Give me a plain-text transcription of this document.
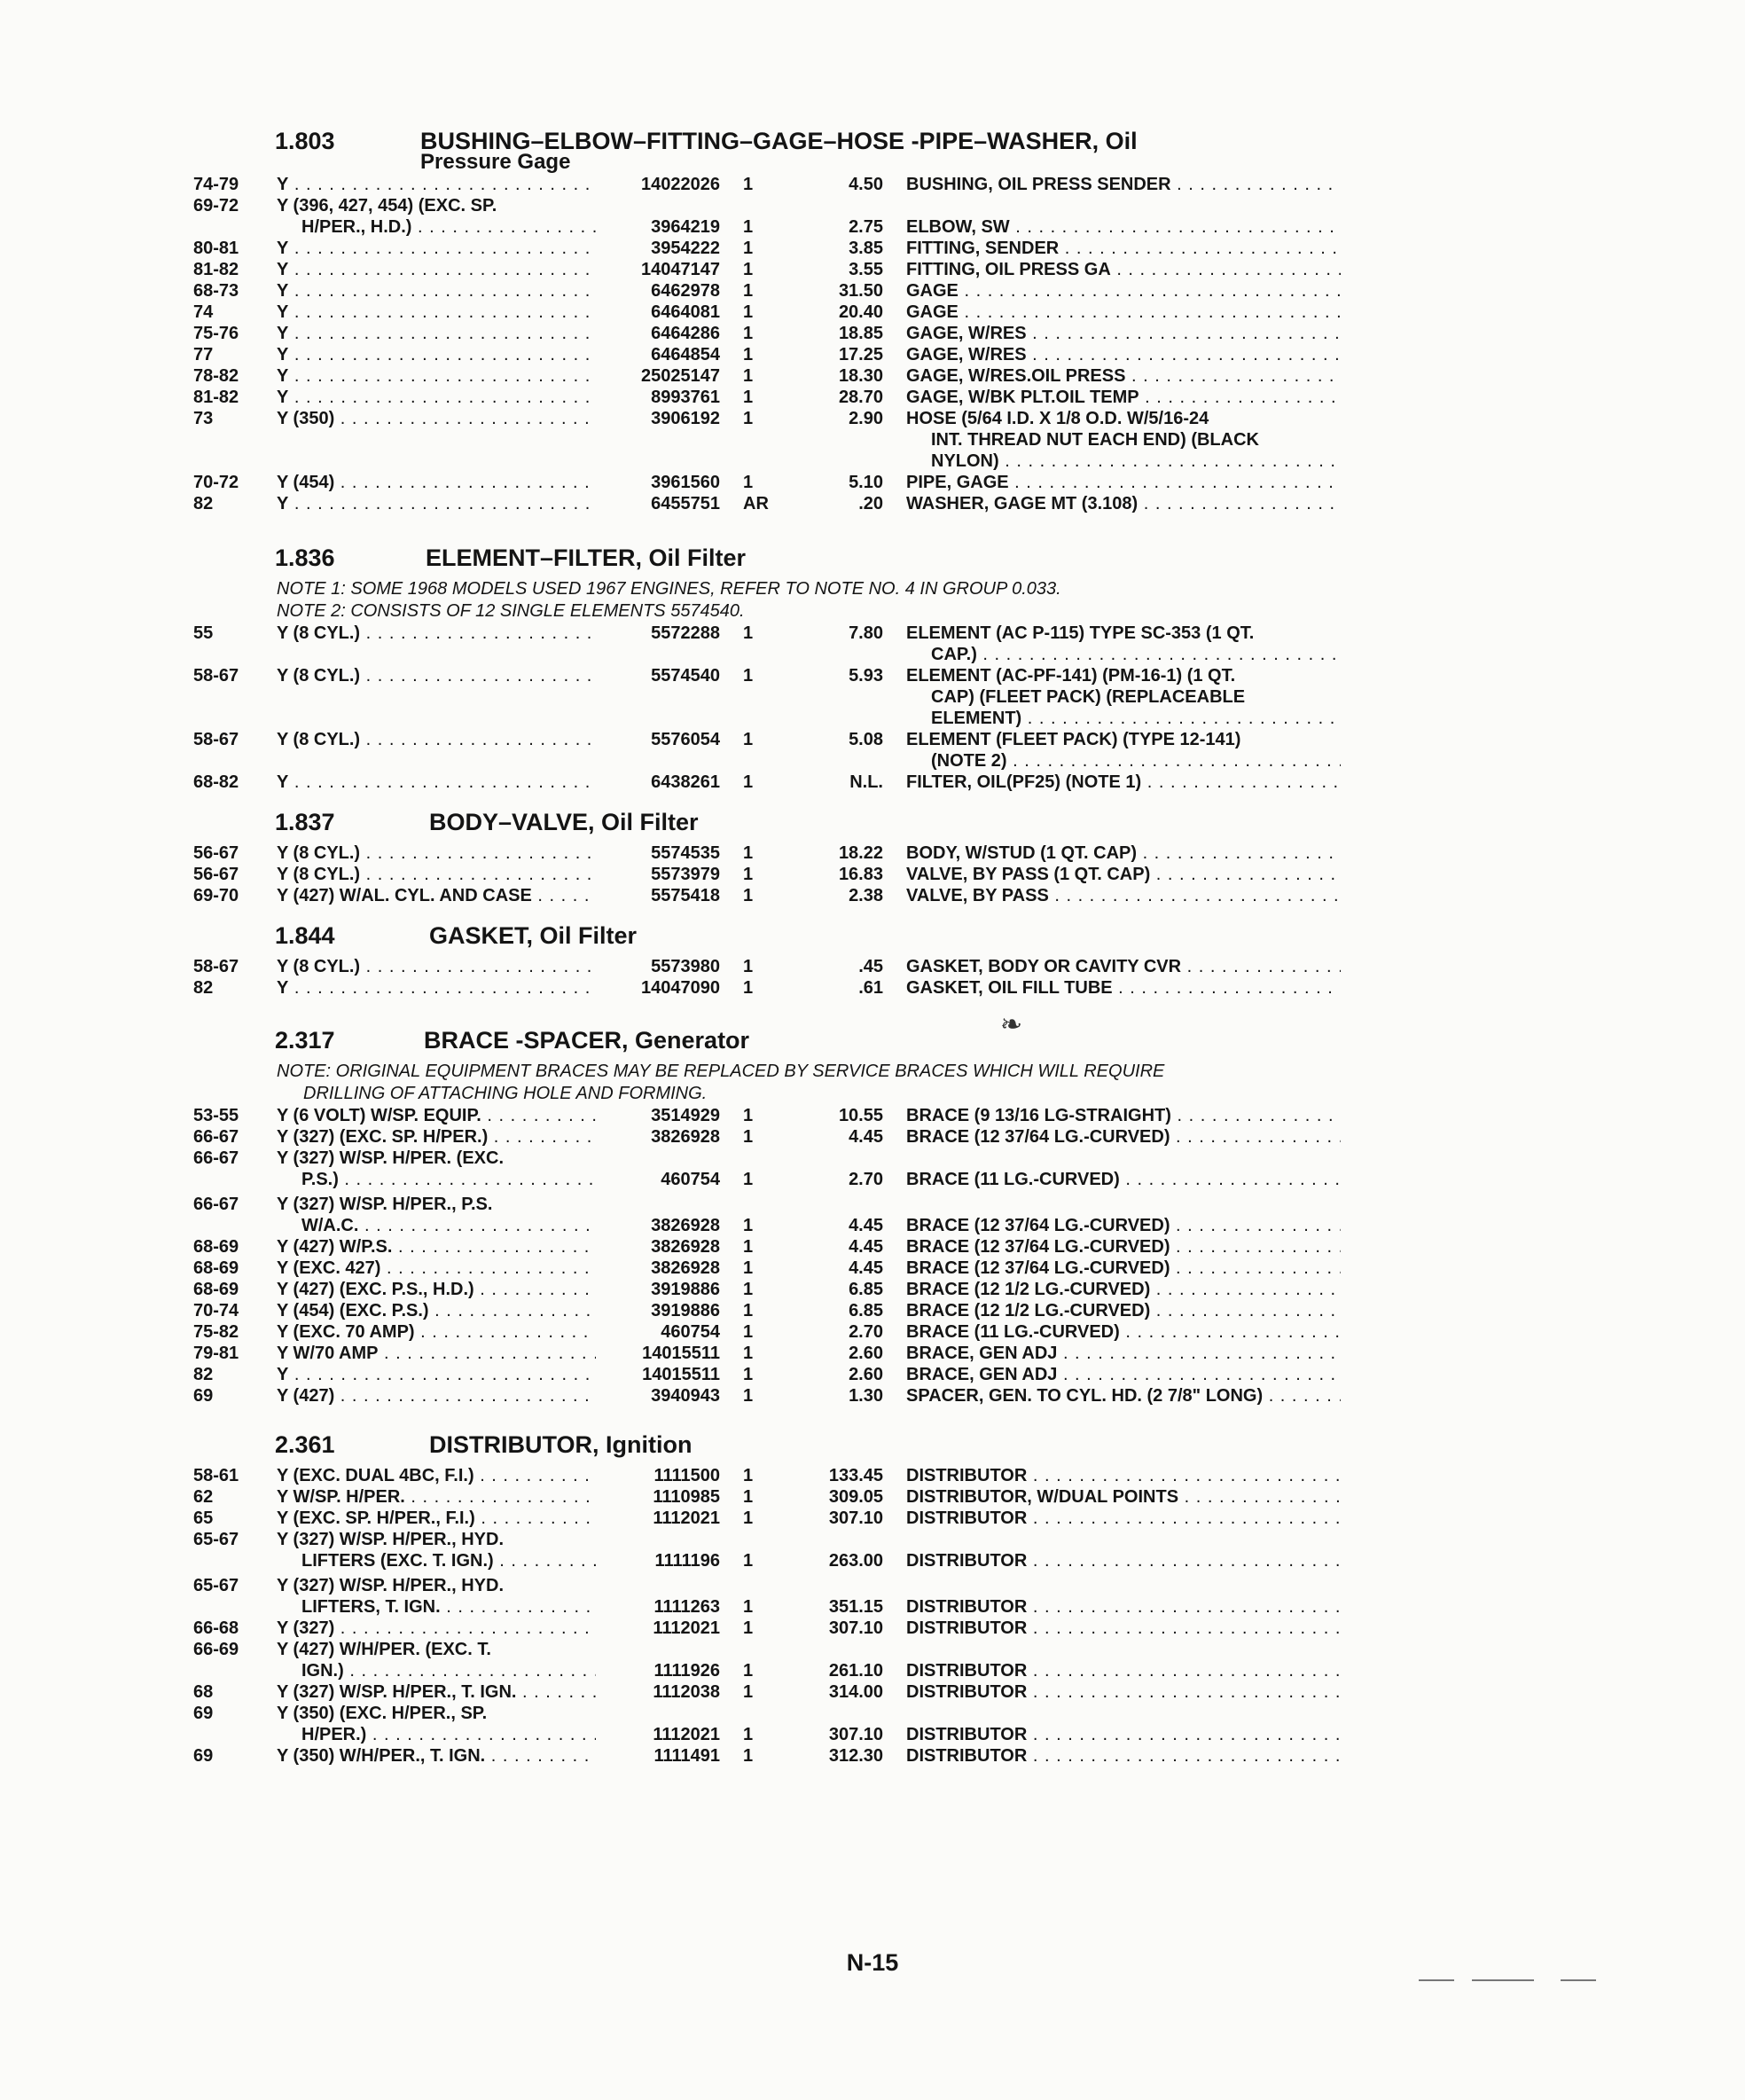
1.803	BUSHING–ELBOW–FITTING–GAGE–HOSE -PIPE–WASHER, Oil
Pressure Gage
74-79	Y . . .	14022026 1	4.50 BUSHING, OIL PRESS SENDER . . .
69-72	Y (396, 427, 454) (EXC. SP.
H/PER., H.D.) . . .	3964219 1	2.75 ELBOW, SW . . .
80-81	Y . . .	3954222 1	3.85 FITTING, SENDER . . .
81-82	Y . . .	14047147 1	3.55 FITTING, OIL PRESS GA . . .
68-73	Y . . .	6462978 1	31.50 GAGE . . .
74	Y . . .	6464081 1	20.40 GAGE . . .
75-76	Y . . .	6464286 1	18.85 GAGE, W/RES . . .
77	Y . . .	6464854 1	17.25 GAGE, W/RES . . .
78-82	Y . . .	25025147 1	18.30 GAGE, W/RES.OIL PRESS . . .
81-82	Y . . .	8993761 1	28.70 GAGE, W/BK PLT.OIL TEMP . . .
73	Y (350) . . .	3906192 1	2.90 HOSE (5/64 I.D. X 1/8 O.D. W/5/16-24
INT. THREAD NUT EACH END) (BLACK
NYLON) . . .
70-72	Y (454) . . .	3961560 1	5.10 PIPE, GAGE . . .
82	Y . . .	6455751 AR	.20 WASHER, GAGE MT (3.108) . . .
1.836	ELEMENT–FILTER, Oil Filter
NOTE 1: SOME 1968 MODELS USED 1967 ENGINES, REFER TO NOTE NO. 4 IN GROUP 0.033.
NOTE 2: CONSISTS OF 12 SINGLE ELEMENTS 5574540.
55	Y (8 CYL.) . . .	5572288 1	7.80 ELEMENT (AC P-115) TYPE SC-353 (1 QT.
CAP.) . . .
58-67	Y (8 CYL.) . . .	5574540 1	5.93 ELEMENT (AC-PF-141) (PM-16-1) (1 QT.
CAP) (FLEET PACK) (REPLACEABLE
ELEMENT) . . .
58-67	Y (8 CYL.) . . .	5576054 1	5.08 ELEMENT (FLEET PACK) (TYPE 12-141)
(NOTE 2) . . .
68-82	Y . . .	6438261 1	N.L. FILTER, OIL(PF25) (NOTE 1) . . .
1.837	BODY–VALVE, Oil Filter
56-67	Y (8 CYL.) . . .	5574535 1	18.22 BODY, W/STUD (1 QT. CAP) . . .
56-67	Y (8 CYL.) . . .	5573979 1	16.83 VALVE, BY PASS (1 QT. CAP) . . .
69-70	Y (427) W/AL. CYL. AND CASE . . .	5575418 1	2.38 VALVE, BY PASS . . .
1.844	GASKET, Oil Filter
58-67	Y (8 CYL.) . . .	5573980 1	.45 GASKET, BODY OR CAVITY CVR . . .
82	Y . . .	14047090 1	.61 GASKET, OIL FILL TUBE . . .
2.317	BRACE -SPACER, Generator
NOTE: ORIGINAL EQUIPMENT BRACES MAY BE REPLACED BY SERVICE BRACES WHICH WILL REQUIRE
DRILLING OF ATTACHING HOLE AND FORMING.
53-55	Y (6 VOLT) W/SP. EQUIP. . . .	3514929 1	10.55 BRACE (9 13/16 LG-STRAIGHT) . . .
66-67	Y (327) (EXC. SP. H/PER.) . . .	3826928 1	4.45 BRACE (12 37/64 LG.-CURVED) . . .
66-67	Y (327) W/SP. H/PER. (EXC.
P.S.) . . .	460754 1	2.70 BRACE (11 LG.-CURVED) . . .
66-67	Y (327) W/SP. H/PER., P.S.
W/A.C. . . .	3826928 1	4.45 BRACE (12 37/64 LG.-CURVED) . . .
68-69	Y (427) W/P.S. . . .	3826928 1	4.45 BRACE (12 37/64 LG.-CURVED) . . .
68-69	Y (EXC. 427) . . .	3826928 1	4.45 BRACE (12 37/64 LG.-CURVED) . . .
68-69	Y (427) (EXC. P.S., H.D.) . . .	3919886 1	6.85 BRACE (12 1/2 LG.-CURVED) . . .
70-74	Y (454) (EXC. P.S.) . . .	3919886 1	6.85 BRACE (12 1/2 LG.-CURVED) . . .
75-82	Y (EXC. 70 AMP) . . .	460754 1	2.70 BRACE (11 LG.-CURVED) . . .
79-81	Y W/70 AMP . . .	14015511 1	2.60 BRACE, GEN ADJ . . .
82	Y . . .	14015511 1	2.60 BRACE, GEN ADJ . . .
69	Y (427) . . .	3940943 1	1.30 SPACER, GEN. TO CYL. HD. (2 7/8" LONG) . . .
2.361	DISTRIBUTOR, Ignition
58-61	Y (EXC. DUAL 4BC, F.I.) . . .	1111500 1	133.45 DISTRIBUTOR . . .
62	Y W/SP. H/PER. . . .	1110985 1	309.05 DISTRIBUTOR, W/DUAL POINTS . . .
65	Y (EXC. SP. H/PER., F.I.) . . .	1112021 1	307.10 DISTRIBUTOR . . .
65-67	Y (327) W/SP. H/PER., HYD.
LIFTERS (EXC. T. IGN.) . . .	1111196 1	263.00 DISTRIBUTOR . . .
65-67	Y (327) W/SP. H/PER., HYD.
LIFTERS, T. IGN. . . .	1111263 1	351.15 DISTRIBUTOR . . .
66-68	Y (327) . . .	1112021 1	307.10 DISTRIBUTOR . . .
66-69	Y (427) W/H/PER. (EXC. T.
IGN.) . . .	1111926 1	261.10 DISTRIBUTOR . . .
68	Y (327) W/SP. H/PER., T. IGN. . . .	1112038 1	314.00 DISTRIBUTOR . . .
69	Y (350) (EXC. H/PER., SP.
H/PER.) . . .	1112021 1	307.10 DISTRIBUTOR . . .
69	Y (350) W/H/PER., T. IGN. . . .	1111491 1	312.30 DISTRIBUTOR . . .
❧
N-15
